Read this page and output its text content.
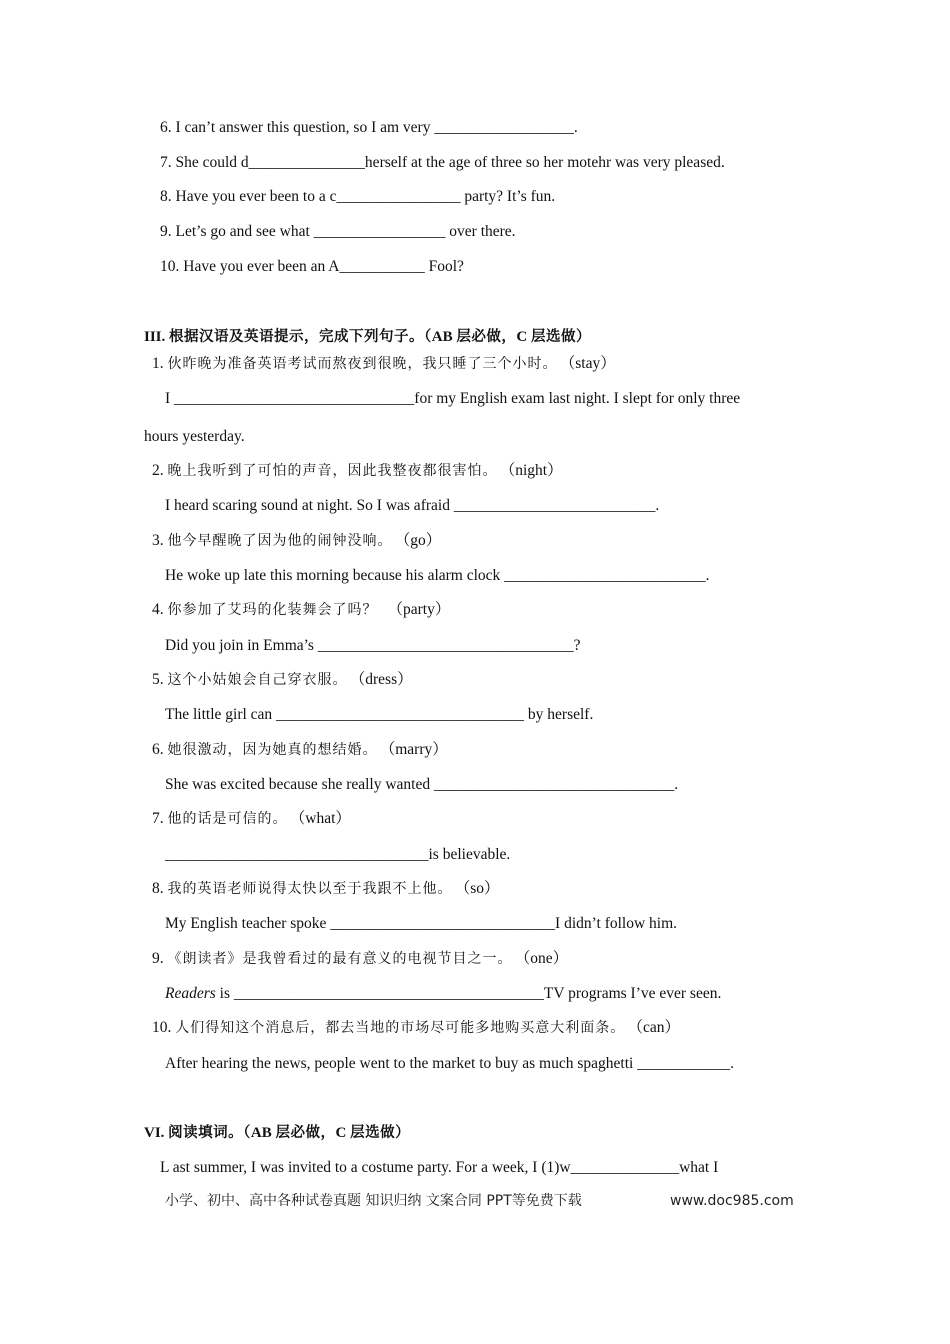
6. I can’t answer this question, so I am very __________________.
7. She could d_______________herself at the age of three so her motehr was very pleased.
8. Have you ever been to a c________________ party? It’s fun.
9. Let’s go and see what _________________ over there.
10. Have you ever been an A___________ Fool?
III. 根据汉语及英语提示，完成下列句子。（AB 层必做，C 层选做）
1. 伙昨晚为准备英语考试而熬夜到很晚，我只睡了三个小时。 （stay）
I _______________________________for my English exam last night. I slept for only three
hours yesterday.
2. 晚上我听到了可怕的声音，因此我整夜都很害怕。 （night）
I heard scaring sound at night. So I was afraid __________________________.
3. 他今早醒晚了因为他的闹钟没响。 （go）
He woke up late this morning because his alarm clock __________________________.
4. 你参加了艾玛的化装舞会了吗？ （party）
Did you join in Emma’s _________________________________?
5. 这个小姑娘会自己穿衣服。 （dress）
The little girl can ________________________________ by herself.
6. 她很激动，因为她真的想结婚。 （marry）
She was excited because she really wanted _______________________________.
7. 他的话是可信的。 （what）
__________________________________is believable.
8. 我的英语老师说得太快以至于我跟不上他。 （so）
My English teacher spoke _____________________________I didn’t follow him.
9. 《朗读者》是我曾看过的最有意义的电视节目之一。 （one）
Readers is ________________________________________TV programs I’ve ever seen.
10. 人们得知这个消息后，都去当地的市场尽可能多地购买意大利面条。 （can）
After hearing the news, people went to the market to buy as much spaghetti ____________.
VI. 阅读填词。（AB 层必做，C 层选做）
L ast summer, I was invited to a costume party. For a week, I (1)w______________what I
小学、初中、高中各种试卷真题 知识归纳 文案合同 PPT等免费下载	www.doc985.com
